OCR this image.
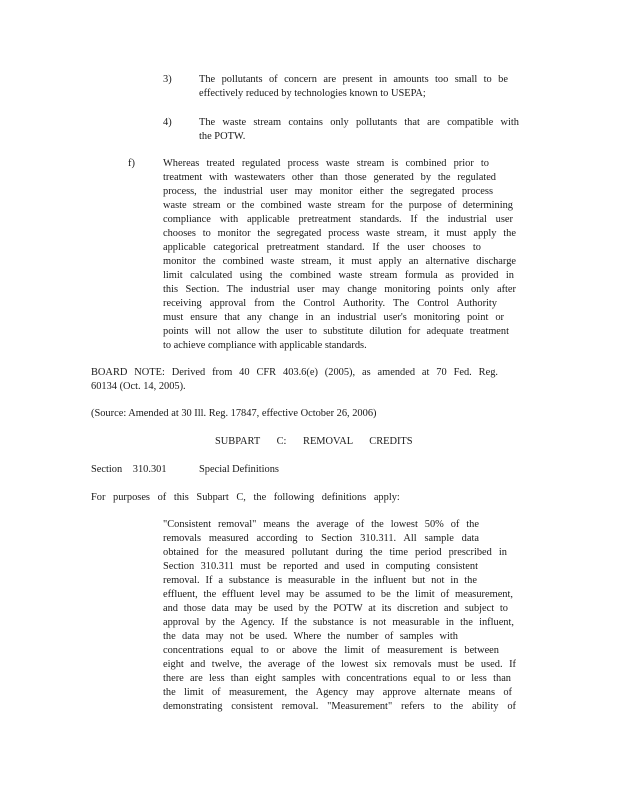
3)	The pollutants of concern are present in amounts too small to be
effectively reduced by technologies known to USEPA;
4)	The waste stream contains only pollutants that are compatible with
the POTW.
f)	Whereas treated regulated process waste stream is combined prior to
treatment with wastewaters other than those generated by the regulated
process, the industrial user may monitor either the segregated process
waste stream or the combined waste stream for the purpose of determining
compliance with applicable pretreatment standards. If the industrial user
chooses to monitor the segregated process waste stream, it must apply the
applicable categorical pretreatment standard. If the user chooses to
monitor the combined waste stream, it must apply an alternative discharge
limit calculated using the combined waste stream formula as provided in
this Section. The industrial user may change monitoring points only after
receiving approval from the Control Authority. The Control Authority
must ensure that any change in an industrial user's monitoring point or
points will not allow the user to substitute dilution for adequate treatment
to achieve compliance with applicable standards.
BOARD NOTE: Derived from 40 CFR 403.6(e) (2005), as amended at 70 Fed. Reg.
60134 (Oct. 14, 2005).
(Source: Amended at 30 Ill. Reg. 17847, effective October 26, 2006)
SUBPART C: REMOVAL CREDITS
Section 310.301	Special Definitions
For purposes of this Subpart C, the following definitions apply:
"Consistent removal" means the average of the lowest 50% of the
removals measured according to Section 310.311. All sample data
obtained for the measured pollutant during the time period prescribed in
Section 310.311 must be reported and used in computing consistent
removal. If a substance is measurable in the influent but not in the
effluent, the effluent level may be assumed to be the limit of measurement,
and those data may be used by the POTW at its discretion and subject to
approval by the Agency. If the substance is not measurable in the influent,
the data may not be used. Where the number of samples with
concentrations equal to or above the limit of measurement is between
eight and twelve, the average of the lowest six removals must be used. If
there are less than eight samples with concentrations equal to or less than
the limit of measurement, the Agency may approve alternate means of
demonstrating consistent removal. "Measurement" refers to the ability of
